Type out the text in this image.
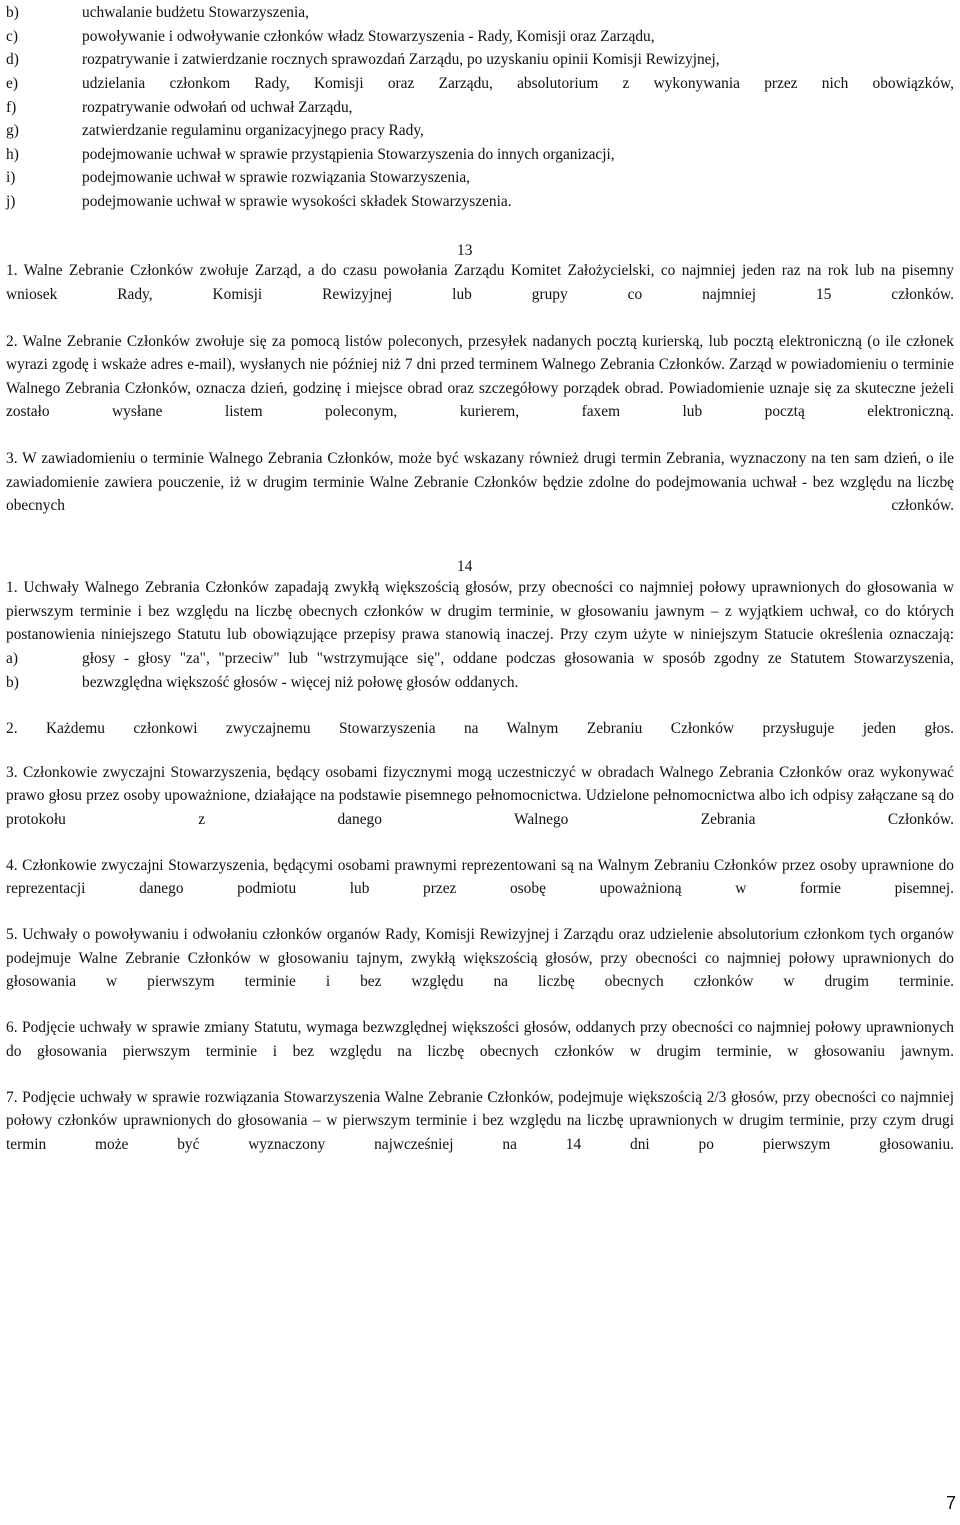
b)	uchwalanie budżetu Stowarzyszenia,
c)	powoływanie i odwoływanie członków władz Stowarzyszenia - Rady, Komisji oraz Zarządu,
d)	rozpatrywanie i zatwierdzanie rocznych sprawozdań Zarządu, po uzyskaniu opinii Komisji Rewizyjnej,
e)	udzielania członkom Rady, Komisji oraz Zarządu, absolutorium z wykonywania przez nich obowiązków,
f)	rozpatrywanie odwołań od uchwał Zarządu,
g)	zatwierdzanie regulaminu organizacyjnego pracy Rady,
h)	podejmowanie uchwał w sprawie przystąpienia Stowarzyszenia do innych organizacji,
i)	podejmowanie uchwał w sprawie rozwiązania Stowarzyszenia,
j)	podejmowanie uchwał w sprawie wysokości składek Stowarzyszenia.
13

1. Walne Zebranie Członków zwołuje Zarząd, a do czasu powołania Zarządu Komitet Założycielski, co najmniej jeden raz na rok lub na pisemny wniosek Rady, Komisji Rewizyjnej lub grupy co najmniej 15 członków.

2. Walne Zebranie Członków zwołuje się za pomocą listów poleconych, przesyłek nadanych pocztą kurierską, lub pocztą elektroniczną (o ile członek wyrazi zgodę i wskaże adres e-mail), wysłanych nie później niż 7 dni przed terminem Walnego Zebrania Członków. Zarząd w powiadomieniu o terminie Walnego Zebrania Członków, oznacza dzień, godzinę i miejsce obrad oraz szczegółowy porządek obrad. Powiadomienie uznaje się za skuteczne jeżeli zostało wysłane listem poleconym, kurierem, faxem lub pocztą elektroniczną.

3. W zawiadomieniu o terminie Walnego Zebrania Członków, może być wskazany również drugi termin Zebrania, wyznaczony na ten sam dzień, o ile zawiadomienie zawiera pouczenie, iż w drugim terminie Walne Zebranie Członków będzie zdolne do podejmowania uchwał - bez względu na liczbę obecnych członków.

14

1. Uchwały Walnego Zebrania Członków zapadają zwykłą większością głosów, przy obecności co najmniej połowy uprawnionych do głosowania w pierwszym terminie i bez względu na liczbę obecnych członków w drugim terminie, w głosowaniu jawnym – z wyjątkiem uchwał, co do których postanowienia niniejszego Statutu lub obowiązujące przepisy prawa stanowią inaczej. Przy czym użyte w niniejszym Statucie określenia oznaczają:

a)	głosy - głosy "za", "przeciw" lub "wstrzymujące się", oddane podczas głosowania w sposób zgodny ze Statutem Stowarzyszenia,
b)	bezwzględna większość głosów - więcej niż połowę głosów oddanych.

2. Każdemu członkowi zwyczajnemu Stowarzyszenia na Walnym Zebraniu Członków przysługuje jeden głos.

3. Członkowie zwyczajni Stowarzyszenia, będący osobami fizycznymi mogą uczestniczyć w obradach Walnego Zebrania Członków oraz wykonywać prawo głosu przez osoby upoważnione, działające na podstawie pisemnego pełnomocnictwa. Udzielone pełnomocnictwa albo ich odpisy załączane są do protokołu z danego Walnego Zebrania Członków.

4. Członkowie zwyczajni Stowarzyszenia, będącymi osobami prawnymi reprezentowani są na Walnym Zebraniu Członków przez osoby uprawnione do reprezentacji danego podmiotu lub przez osobę upoważnioną w formie pisemnej.

5. Uchwały o powoływaniu i odwołaniu członków organów Rady, Komisji Rewizyjnej i Zarządu oraz udzielenie absolutorium członkom tych organów podejmuje Walne Zebranie Członków w głosowaniu tajnym, zwykłą większością głosów, przy obecności co najmniej połowy uprawnionych do głosowania w pierwszym terminie i bez względu na liczbę obecnych członków w drugim terminie.

6. Podjęcie uchwały w sprawie zmiany Statutu, wymaga bezwzględnej większości głosów, oddanych przy obecności co najmniej połowy uprawnionych do głosowania pierwszym terminie i bez względu na liczbę obecnych członków w drugim terminie, w głosowaniu jawnym.

7. Podjęcie uchwały w sprawie rozwiązania Stowarzyszenia Walne Zebranie Członków, podejmuje większością 2/3 głosów, przy obecności co najmniej połowy członków uprawnionych do głosowania – w pierwszym terminie i bez względu na liczbę uprawnionych w drugim terminie, przy czym drugi termin może być wyznaczony najwcześniej na 14 dni po pierwszym głosowaniu.

7
